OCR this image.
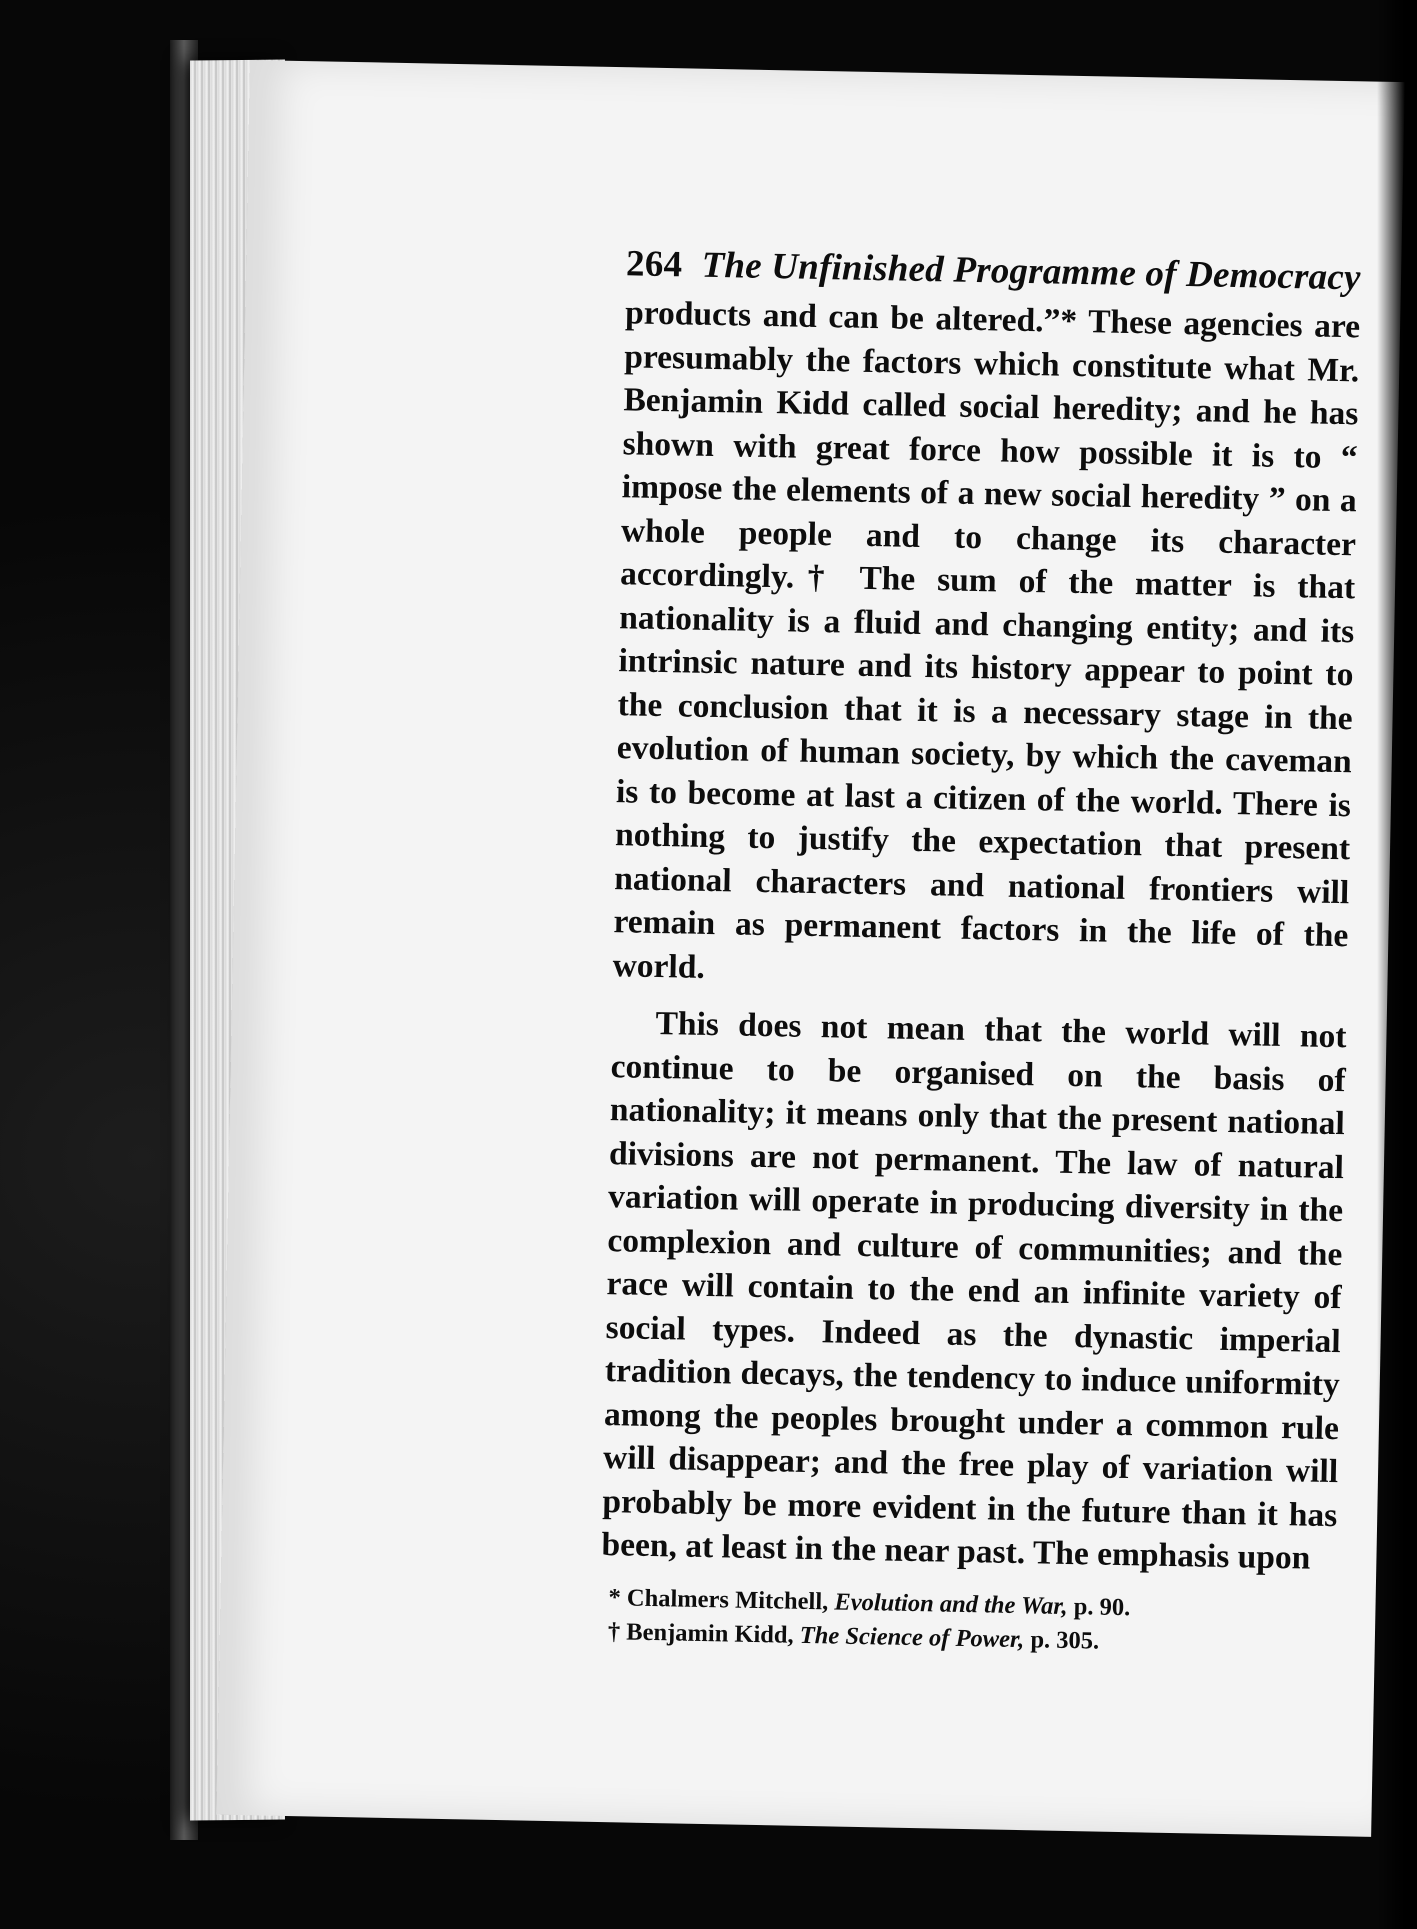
264 The Unfinished Programme of Democracy

products and can be altered.”* These agencies are presumably the factors which constitute what Mr. Benjamin Kidd called social heredity; and he has shown with great force how possible it is to “ impose the elements of a new social heredity ” on a whole people and to change its character accordingly.† The sum of the matter is that nationality is a fluid and changing entity; and its intrinsic nature and its history appear to point to the conclusion that it is a necessary stage in the evolution of human society, by which the caveman is to become at last a citizen of the world. There is nothing to justify the expectation that present national characters and national frontiers will remain as permanent factors in the life of the world.

This does not mean that the world will not continue to be organised on the basis of nationality; it means only that the present national divisions are not permanent. The law of natural variation will operate in producing diversity in the complexion and culture of communities; and the race will contain to the end an infinite variety of social types. Indeed as the dynastic imperial tradition decays, the tendency to induce uniformity among the peoples brought under a common rule will disappear; and the free play of variation will probably be more evident in the future than it has been, at least in the near past. The emphasis upon

* Chalmers Mitchell, Evolution and the War, p. 90.
† Benjamin Kidd, The Science of Power, p. 305.
